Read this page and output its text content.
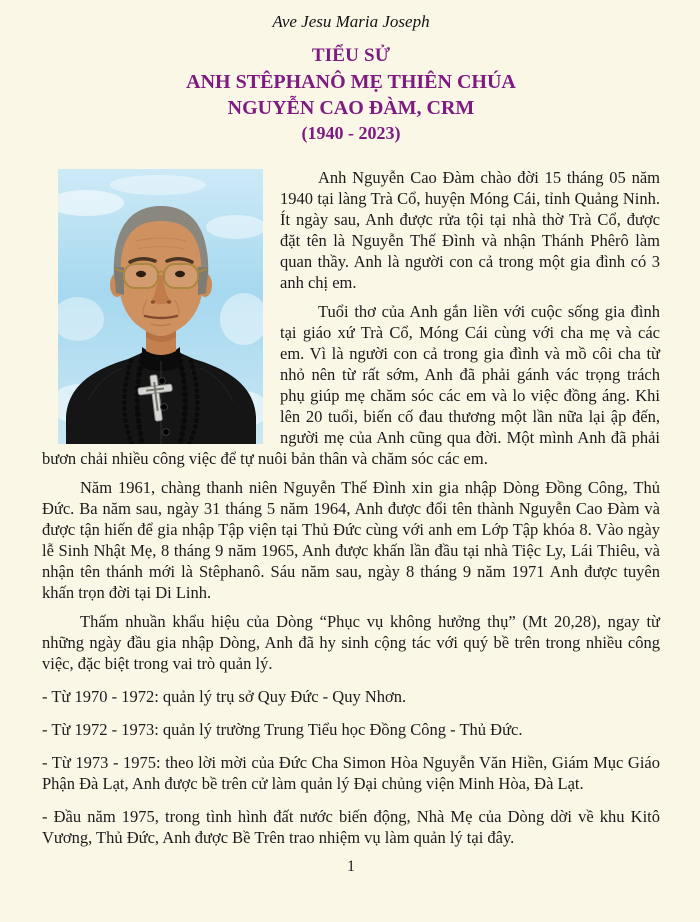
Ave Jesu Maria Joseph
TIỂU SỬ
ANH STÊPHANÔ MẸ THIÊN CHÚA
NGUYỄN CAO ĐÀM, CRM
(1940 - 2023)

Anh Nguyễn Cao Đàm chào đời 15 tháng 05 năm 1940 tại làng Trà Cổ, huyện Móng Cái, tỉnh Quảng Ninh. Ít ngày sau, Anh được rửa tội tại nhà thờ Trà Cổ, được đặt tên là Nguyễn Thế Đình và nhận Thánh Phêrô làm quan thầy. Anh là người con cả trong một gia đình có 3 anh chị em.

Tuổi thơ của Anh gắn liền với cuộc sống gia đình tại giáo xứ Trà Cổ, Móng Cái cùng với cha mẹ và các em. Vì là người con cả trong gia đình và mồ côi cha từ nhỏ nên từ rất sớm, Anh đã phải gánh vác trọng trách phụ giúp mẹ chăm sóc các em và lo việc đồng áng. Khi lên 20 tuổi, biến cố đau thương một lần nữa lại ập đến, người mẹ của Anh cũng qua đời. Một mình Anh đã phải bươn chải nhiều công việc để tự nuôi bản thân và chăm sóc các em.

Năm 1961, chàng thanh niên Nguyễn Thế Đình xin gia nhập Dòng Đồng Công, Thủ Đức. Ba năm sau, ngày 31 tháng 5 năm 1964, Anh được đổi tên thành Nguyễn Cao Đàm và được tận hiến để gia nhập Tập viện tại Thủ Đức cùng với anh em Lớp Tập khóa 8. Vào ngày lễ Sinh Nhật Mẹ, 8 tháng 9 năm 1965, Anh được khấn lần đầu tại nhà Tiệc Ly, Lái Thiêu, và nhận tên thánh mới là Stêphanô. Sáu năm sau, ngày 8 tháng 9 năm 1971 Anh được tuyên khấn trọn đời tại Di Linh.

Thấm nhuần khẩu hiệu của Dòng “Phục vụ không hưởng thụ” (Mt 20,28), ngay từ những ngày đầu gia nhập Dòng, Anh đã hy sinh cộng tác với quý bề trên trong nhiều công việc, đặc biệt trong vai trò quản lý.

- Từ 1970 - 1972: quản lý trụ sở Quy Đức - Quy Nhơn.

- Từ 1972 - 1973: quản lý trường Trung Tiểu học Đồng Công - Thủ Đức.

- Từ 1973 - 1975: theo lời mời của Đức Cha Simon Hòa Nguyễn Văn Hiền, Giám Mục Giáo Phận Đà Lạt, Anh được bề trên cử làm quản lý Đại chủng viện Minh Hòa, Đà Lạt.

- Đầu năm 1975, trong tình hình đất nước biến động, Nhà Mẹ của Dòng dời về khu Kitô Vương, Thủ Đức, Anh được Bề Trên trao nhiệm vụ làm quản lý tại đây.

1
